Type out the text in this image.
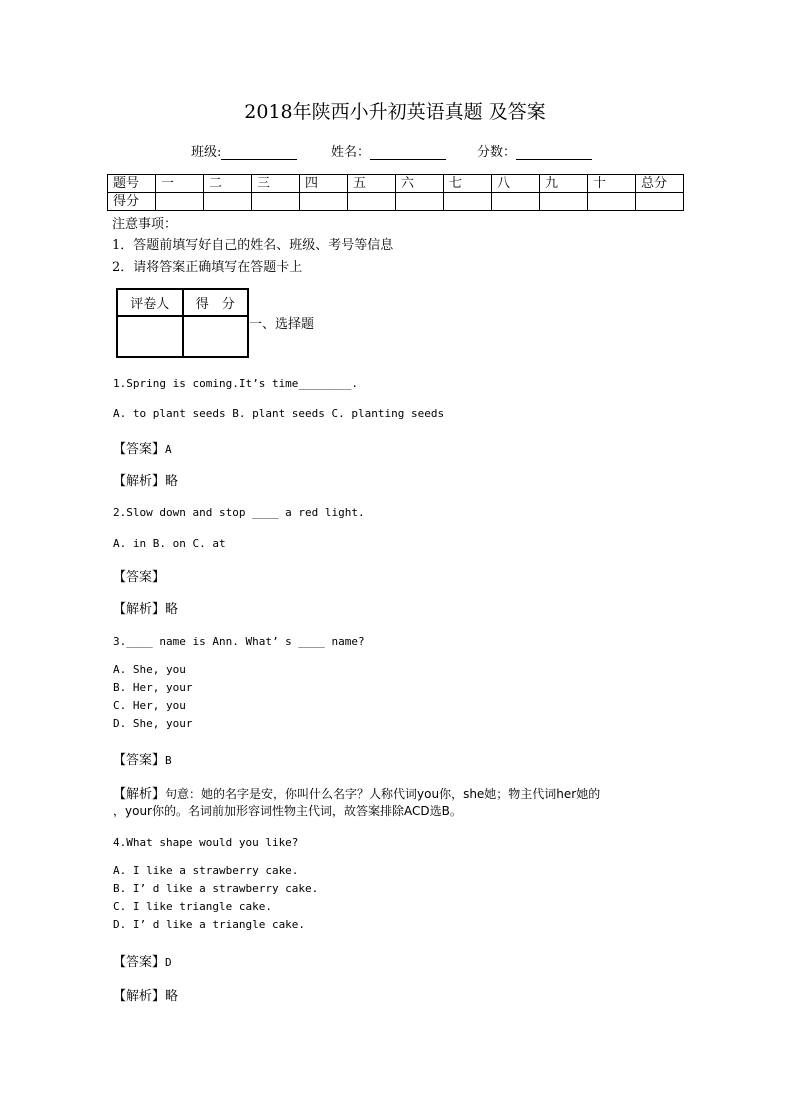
2018年陕西小升初英语真题 及答案
班级:	姓名：	分数：
题号	一	二	三	四	五	六	七	八	九	十	总分
得分											
注意事项：
1．答题前填写好自己的姓名、班级、考号等信息
2．请将答案正确填写在答题卡上
评卷人	得　分

一、选择题
1.Spring is coming.It’s time________.
A. to plant seeds B. plant seeds C. planting seeds
【答案】A
【解析】略
2.Slow down and stop ____ a red light.
A. in B. on C. at
【答案】
【解析】略
3.____ name is Ann. What’ s ____ name?
A. She, you
B. Her, your
C. Her, you
D. She, your
【答案】B
【解析】句意：她的名字是安，你叫什么名字？人称代词you你，she她；物主代词her她的
，your你的。名词前加形容词性物主代词，故答案排除ACD选B。
4.What shape would you like?
A. I like a strawberry cake.
B. I’ d like a strawberry cake.
C. I like triangle cake.
D. I’ d like a triangle cake.
【答案】D
【解析】略
